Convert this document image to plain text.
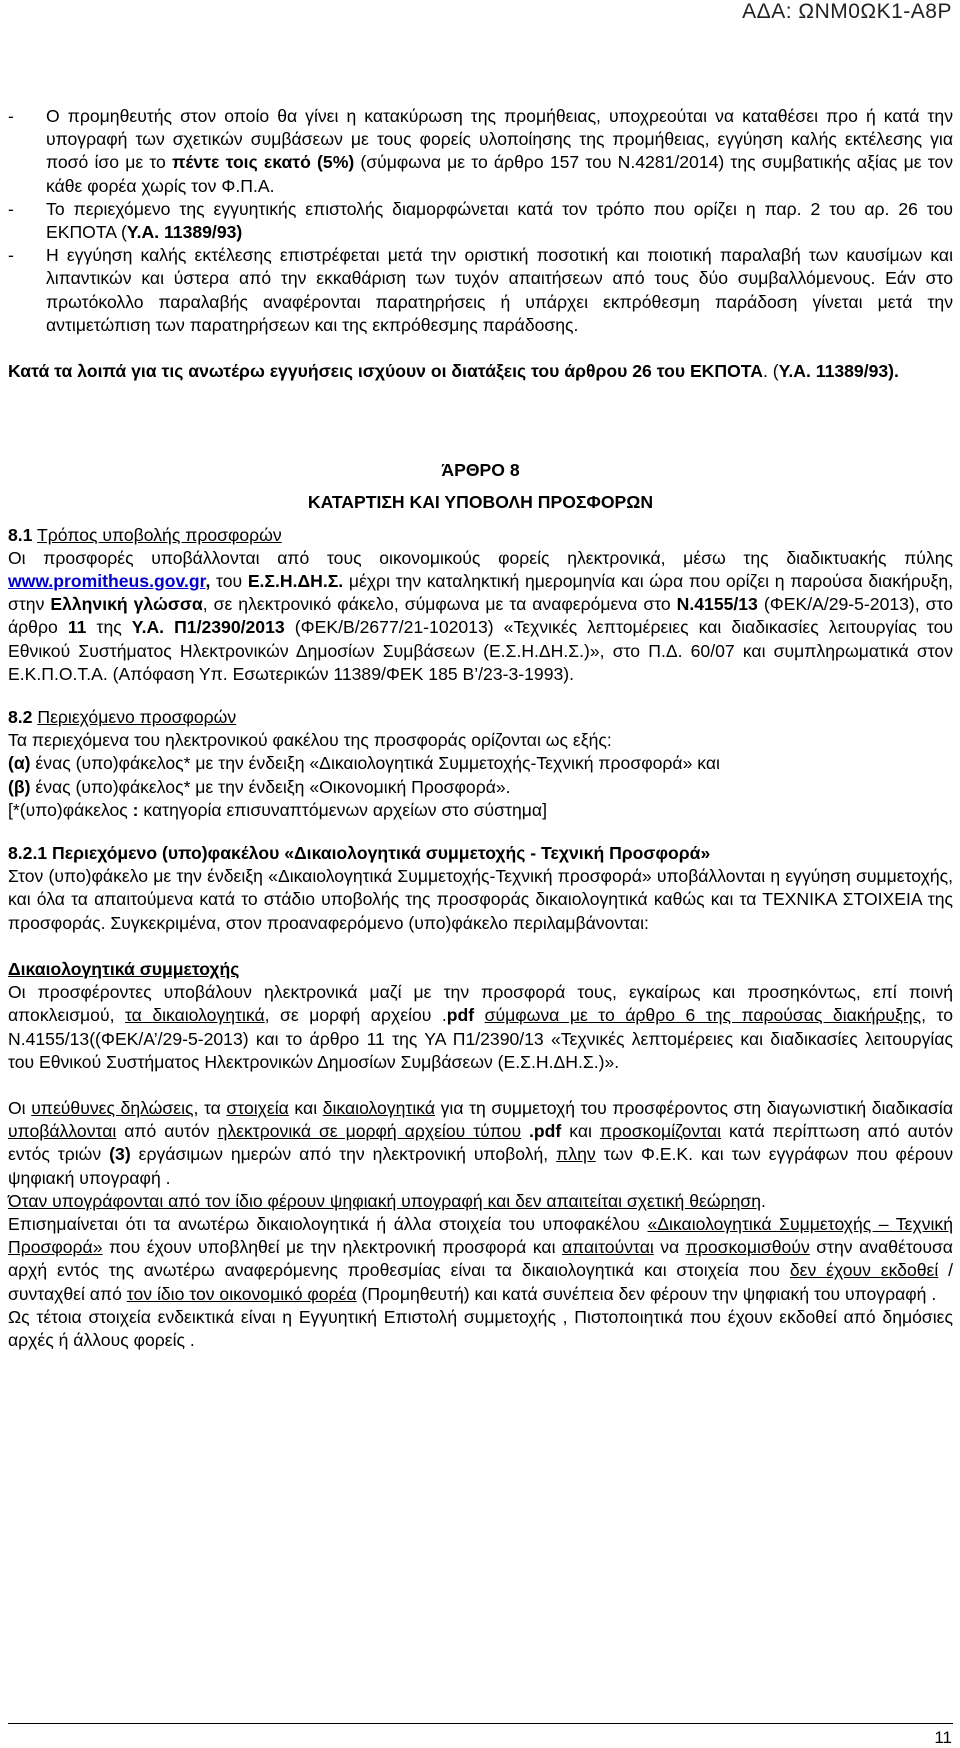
ΑΔΑ: ΩΝΜ0ΩΚ1-Α8Ρ
-	Ο προμηθευτής στον οποίο θα γίνει η κατακύρωση της προμήθειας, υποχρεούται να καταθέσει προ ή κατά την υπογραφή των σχετικών συμβάσεων με τους φορείς υλοποίησης της προμήθειας, εγγύηση καλής εκτέλεσης για ποσό ίσο με το πέντε τοις εκατό (5%) (σύμφωνα με το άρθρο 157 του Ν.4281/2014) της συμβατικής αξίας με τον κάθε φορέα χωρίς τον Φ.Π.Α.
-	Το περιεχόμενο της εγγυητικής επιστολής διαμορφώνεται κατά τον τρόπο που ορίζει η παρ. 2 του αρ. 26 του ΕΚΠΟΤΑ (Υ.Α. 11389/93)
-	Η εγγύηση καλής εκτέλεσης επιστρέφεται μετά την οριστική ποσοτική και ποιοτική παραλαβή των καυσίμων και λιπαντικών και ύστερα από την εκκαθάριση των τυχόν απαιτήσεων από τους δύο συμβαλλόμενους. Εάν στο πρωτόκολλο παραλαβής αναφέρονται παρατηρήσεις ή υπάρχει εκπρόθεσμη παράδοση γίνεται μετά την αντιμετώπιση των παρατηρήσεων και της εκπρόθεσμης παράδοσης.

Κατά τα λοιπά για τις ανωτέρω εγγυήσεις ισχύουν οι διατάξεις του άρθρου 26 του ΕΚΠΟΤΑ. (Υ.Α. 11389/93).

ΆΡΘΡΟ 8
ΚΑΤΑΡΤΙΣΗ ΚΑΙ ΥΠΟΒΟΛΗ ΠΡΟΣΦΟΡΩΝ

8.1 Τρόπος υποβολής προσφορών
Οι προσφορές υποβάλλονται από τους οικονομικούς φορείς ηλεκτρονικά, μέσω της διαδικτυακής πύλης www.promitheus.gov.gr, του Ε.Σ.Η.ΔΗ.Σ. μέχρι την καταληκτική ημερομηνία και ώρα που ορίζει η παρούσα διακήρυξη, στην Ελληνική γλώσσα, σε ηλεκτρονικό φάκελο, σύμφωνα με τα αναφερόμενα στο Ν.4155/13 (ΦΕΚ/Α/29-5-2013), στο άρθρο 11 της Υ.Α. Π1/2390/2013 (ΦΕΚ/Β/2677/21-102013) «Τεχνικές λεπτομέρειες και διαδικασίες λειτουργίας του Εθνικού Συστήματος Ηλεκτρονικών Δημοσίων Συμβάσεων (Ε.Σ.Η.ΔΗ.Σ.)», στο Π.Δ. 60/07 και συμπληρωματικά στον Ε.Κ.Π.Ο.Τ.Α. (Απόφαση Υπ. Εσωτερικών 11389/ΦΕΚ 185 Β’/23-3-1993).

8.2 Περιεχόμενο προσφορών
Τα περιεχόμενα του ηλεκτρονικού φακέλου της προσφοράς ορίζονται ως εξής:
(α) ένας (υπο)φάκελος* με την ένδειξη «Δικαιολογητικά Συμμετοχής-Τεχνική προσφορά» και
(β) ένας (υπο)φάκελος* με την ένδειξη «Οικονομική Προσφορά».
[*(υπο)φάκελος : κατηγορία επισυναπτόμενων αρχείων στο σύστημα]

8.2.1 Περιεχόμενο (υπο)φακέλου «Δικαιολογητικά συμμετοχής - Τεχνική Προσφορά»
Στον (υπο)φάκελο με την ένδειξη «Δικαιολογητικά Συμμετοχής-Τεχνική προσφορά» υποβάλλονται η εγγύηση συμμετοχής, και όλα τα απαιτούμενα κατά το στάδιο υποβολής της προσφοράς δικαιολογητικά καθώς και τα ΤΕΧΝΙΚΑ ΣΤΟΙΧΕΙΑ της προσφοράς. Συγκεκριμένα, στον προαναφερόμενο (υπο)φάκελο περιλαμβάνονται:

Δικαιολογητικά συμμετοχής
Οι προσφέροντες υποβάλουν ηλεκτρονικά μαζί με την προσφορά τους, εγκαίρως και προσηκόντως, επί ποινή αποκλεισμού, τα δικαιολογητικά, σε μορφή αρχείου .pdf σύμφωνα με το άρθρο 6 της παρούσας διακήρυξης, το Ν.4155/13((ΦΕΚ/Α’/29-5-2013) και το άρθρο 11 της ΥΑ Π1/2390/13 «Τεχνικές λεπτομέρειες και διαδικασίες λειτουργίας του Εθνικού Συστήματος Ηλεκτρονικών Δημοσίων Συμβάσεων (Ε.Σ.Η.ΔΗ.Σ.)».

Οι υπεύθυνες δηλώσεις, τα στοιχεία και δικαιολογητικά για τη συμμετοχή του προσφέροντος στη διαγωνιστική διαδικασία υποβάλλονται από αυτόν ηλεκτρονικά σε μορφή αρχείου τύπου .pdf και προσκομίζονται κατά περίπτωση από αυτόν εντός τριών (3) εργάσιμων ημερών από την ηλεκτρονική υποβολή, πλην των Φ.Ε.Κ. και των εγγράφων που φέρουν ψηφιακή υπογραφή .
Όταν υπογράφονται από τον ίδιο φέρουν ψηφιακή υπογραφή και δεν απαιτείται σχετική θεώρηση.
Επισημαίνεται ότι τα ανωτέρω δικαιολογητικά ή άλλα στοιχεία του υποφακέλου «Δικαιολογητικά Συμμετοχής – Τεχνική Προσφορά» που έχουν υποβληθεί με την ηλεκτρονική προσφορά και απαιτούνται να προσκομισθούν στην αναθέτουσα αρχή εντός της ανωτέρω αναφερόμενης προθεσμίας είναι τα δικαιολογητικά και στοιχεία που δεν έχουν εκδοθεί /συνταχθεί από τον ίδιο τον οικονομικό φορέα (Προμηθευτή) και κατά συνέπεια δεν φέρουν την ψηφιακή του υπογραφή .
Ως τέτοια στοιχεία ενδεικτικά είναι η Εγγυητική Επιστολή συμμετοχής , Πιστοποιητικά που έχουν εκδοθεί από δημόσιες αρχές ή άλλους φορείς .

11
